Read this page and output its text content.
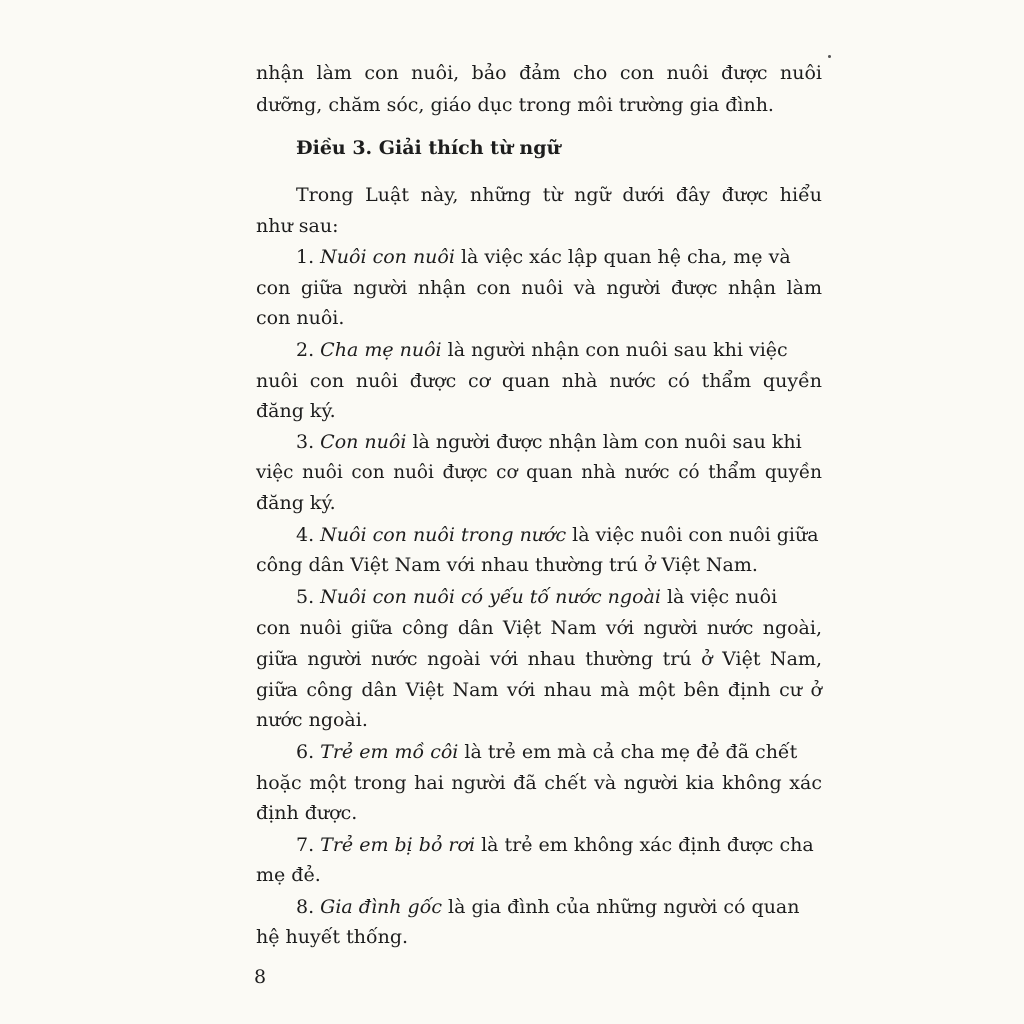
nhận làm con nuôi, bảo đảm cho con nuôi được nuôi
dưỡng, chăm sóc, giáo dục trong môi trường gia đình.
Điều 3. Giải thích từ ngữ
Trong Luật này, những từ ngữ dưới đây được hiểu
như sau:
1. Nuôi con nuôi là việc xác lập quan hệ cha, mẹ và
con giữa người nhận con nuôi và người được nhận làm
con nuôi.
2. Cha mẹ nuôi là người nhận con nuôi sau khi việc
nuôi con nuôi được cơ quan nhà nước có thẩm quyền
đăng ký.
3. Con nuôi là người được nhận làm con nuôi sau khi
việc nuôi con nuôi được cơ quan nhà nước có thẩm quyền
đăng ký.
4. Nuôi con nuôi trong nước là việc nuôi con nuôi giữa
công dân Việt Nam với nhau thường trú ở Việt Nam.
5. Nuôi con nuôi có yếu tố nước ngoài là việc nuôi
con nuôi giữa công dân Việt Nam với người nước ngoài,
giữa người nước ngoài với nhau thường trú ở Việt Nam,
giữa công dân Việt Nam với nhau mà một bên định cư ở
nước ngoài.
6. Trẻ em mồ côi là trẻ em mà cả cha mẹ đẻ đã chết
hoặc một trong hai người đã chết và người kia không xác
định được.
7. Trẻ em bị bỏ rơi là trẻ em không xác định được cha
mẹ đẻ.
8. Gia đình gốc là gia đình của những người có quan
hệ huyết thống.
8
